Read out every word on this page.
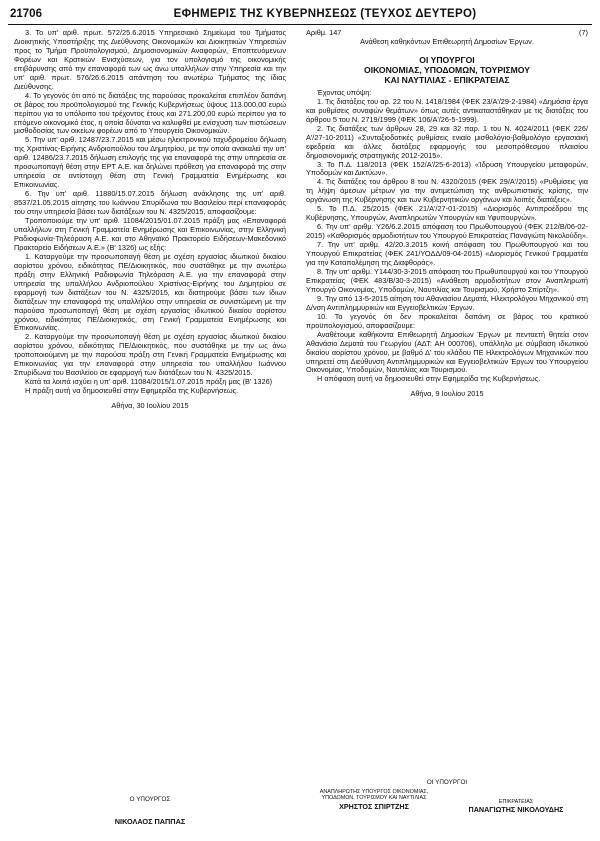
21706	ΕΦΗΜΕΡΙΣ ΤΗΣ ΚΥΒΕΡΝΗΣΕΩΣ (ΤΕΥΧΟΣ ΔΕΥΤΕΡΟ)

3. Το υπ' αριθ. πρωτ. 572/25.6.2015 Υπηρεσιακό Σημείωμα του Τμήματος Διοικητικής Υποστήριξης της Διεύθυνσης Οικονομικών και Διοικητικών Υπηρεσιών προς το Τμήμα Προϋπολογισμού, Δημοσιονομικών Αναφορών, Εποπτευόμενων Φορέων και Κρατικών Ενισχύσεων, για τον υπολογισμό της οικονομικής επιβάρυνσης από την επαναφορά των ως άνω υπαλλήλων στην Υπηρεσία και την υπ' αριθ. πρωτ. 576/26.6.2015 απάντηση του ανωτέρω Τμήματος της ίδιας Διεύθυνσης.

4. Το γεγονός ότι από τις διατάξεις της παρούσας προκαλείται επιπλέον δαπάνη σε βάρος του προϋπολογισμού της Γενικής Κυβερνήσεως ύψους 113.000,00 ευρώ περίπου για το υπόλοιπο του τρέχοντος έτους και 271.200,00 ευρώ περίπου για το επόμενο οικονομικό έτος, η οποία δύναται να καλυφθεί με ενίσχυση των πιστώσεων μισθοδοσίας των οικείων φορέων από το Υπουργείο Οικονομικών.

5. Την υπ' αριθ. 12487/23.7.2015 και μέσω ηλεκτρονικού ταχυδρομείου δήλωση της Χριστίνας-Ειρήνης Ανδριοπούλου του Δημητρίου, με την οποία ανακαλεί την υπ' αριθ. 12486/23.7.2015 δήλωση επιλογής της για επαναφορά της στην υπηρεσία σε προσωποπαγή θέση στην ΕΡΤ Α.Ε. και δηλώνει πρόθεση για επαναφορά της στην υπηρεσία σε αντίστοιχη θέση στη Γενική Γραμματεία Ενημέρωσης και Επικοινωνίας.

6. Την υπ' αριθ. 11880/15.07.2015 δήλωση ανάκλησης της υπ' αριθ. 8537/21.05.2015 αίτησης του Ιωάννου Σπυρίδωνα του Βασιλείου περί επαναφοράς του στην υπηρεσία βάσει των διατάξεων του Ν. 4325/2015, αποφασίζουμε:

Τροποποιούμε την υπ' αριθ. 11084/2015/01.07.2015 πράξη μας «Επαναφορά υπαλλήλων στη Γενική Γραμματεία Ενημέρωσης και Επικοινωνίας, στην Ελληνική Ραδιοφωνία-Τηλεόραση Α.Ε. και στο Αθηναϊκό Πρακτορείο Ειδήσεων-Μακεδονικό Πρακτορείο Ειδήσεων Α.Ε.» (Β' 1326) ως εξής:

1. Καταργούμε την προσωποπαγή θέση με σχέση εργασίας ιδιωτικού δικαίου αορίστου χρόνου, ειδικότητας ΠΕ/Διοικητικός, που συστάθηκε με την ανωτέρω πράξη στην Ελληνική Ραδιοφωνία Τηλεόραση Α.Ε. για την επαναφορά στην υπηρεσία της υπαλλήλου Ανδριοπούλου Χριστίνας-Ειρήνης του Δημητρίου σε εφαρμογή των διατάξεων του Ν. 4325/2015, και διατηρούμε βάσει των ίδιων διατάξεων την επαναφορά της υπαλλήλου στην υπηρεσία σε συνιστώμενη με την παρούσα προσωποπαγή θέση με σχέση εργασίας ιδιωτικού δικαίου αορίστου χρόνου, ειδικότητας ΠΕ/Διοικητικός, στη Γενική Γραμματεία Ενημέρωσης και Επικοινωνίας.

2. Καταργούμε την προσωποπαγή θέση με σχέση εργασίας ιδιωτικού δικαίου αορίστου χρόνου, ειδικότητας ΠΕ/Διοικητικός, που συστάθηκε με την ως άνω τροποποιούμενη με την παρούσα πράξη στη Γενική Γραμματεία Ενημέρωσης και Επικοινωνίας για την επαναφορά στην υπηρεσία του υπαλλήλου Ιωάννου Σπυρίδωνα του Βασιλείου σε εφαρμογή των διατάξεων του Ν. 4325/2015.

Κατά τα λοιπά ισχύει η υπ' αριθ. 11084/2015/1.07.2015 πράξη μας (Β' 1326)

Η πράξη αυτή να δημοσιευθεί στην Εφημερίδα της Κυβερνήσεως.

Αθήνα, 30 Ιουλίου 2015
Ο ΥΠΟΥΡΓΟΣ
ΝΙΚΟΛΑΟΣ ΠΑΠΠΑΣ
Αριθμ. 147	(7)

Ανάθεση καθηκόντων Επιθεωρητή Δημοσίων Έργων.

ΟΙ ΥΠΟΥΡΓΟΙ
ΟΙΚΟΝΟΜΙΑΣ, ΥΠΟΔΟΜΩΝ, ΤΟΥΡΙΣΜΟΥ
ΚΑΙ ΝΑΥΤΙΛΙΑΣ - ΕΠΙΚΡΑΤΕΙΑΣ

Έχοντας υπόψη:

1. Τις διατάξεις του αρ. 22 του Ν. 1418/1984 (ΦΕΚ 23/Α'/29-2-1984) «Δημόσια έργα και ρυθμίσεις συναφών θεμάτων» όπως αυτές αντικαταστάθηκαν με τις διατάξεις του άρθρου 5 του Ν. 2719/1999 (ΦΕΚ 106/Α'/26-5-1999).

2. Τις διατάξεις των άρθρων 28, 29 και 32 παρ. 1 του Ν. 4024/2011 (ΦΕΚ 226/Α'/27-10-2011) «Συνταξιοδοτικές ρυθμίσεις ενιαίο μισθολόγιο-βαθμολόγιο εργασιακή εφεδρεία και άλλες διατάξεις εφαρμογής του μεσοπρόθεσμου πλαισίου δημοσιονομικής στρατηγικής 2012-2015».

3. Το Π.Δ. 118/2013 (ΦΕΚ 152/Α'/25-6-2013) «Ίδρυση Υπουργείου μεταφορών, Υποδομών και Δικτύων».

4. Τις διατάξεις του άρθρου 8 του Ν. 4320/2015 (ΦΕΚ 29/Α'/2015) «Ρυθμίσεις για τη λήψη άμεσων μέτρων για την αντιμετώπιση της ανθρωπιστικής κρίσης, την οργάνωση της Κυβέρνησης και των Κυβερνητικών οργάνων και λοιπές διατάξεις».

5. Το Π.Δ. 25/2015 (ΦΕΚ 21/Α'/27-01-2015) «Διορισμός Αντιπροέδρου της Κυβέρνησης, Υπουργών, Αναπληρωτών Υπουργών και Υφυπουργών».

6. Την υπ' αριθμ. Υ26/6.2.2015 απόφαση του Πρωθυπουργού (ΦΕΚ 212/Β/06-02-2015) «Καθορισμός αρμοδιοτήτων του Υπουργού Επικρατείας Παναγιώτη Νικολούδη».

7. Την υπ' αριθμ. 42/20.3.2015 κοινή απόφαση του Πρωθυπουργού και του Υπουργού Επικρατείας (ΦΕΚ 241/ΥΟΔΔ/09-04-2015) «Διορισμός Γενικού Γραμματέα για την Καταπολέμηση της Διαφθοράς».

8. Την υπ' αριθμ. Υ144/30-3-2015 απόφαση του Πρωθυπουργού και του Υπουργού Επικρατείας (ΦΕΚ 483/Β/30-3-2015) «Ανάθεση αρμοδιοτήτων στον Αναπληρωτή Υπουργό Οικονομίας, Υποδομών, Ναυτιλίας και Τουρισμού, Χρήστο Σπίρτζη».

9. Την από 13-5-2015 αίτηση του Αθανασίου Δεματά, Ηλεκτρολόγου Μηχανικού στη Δ/νση Αντιπλημμυρικών και Εγγειοβελτικών Έργων.

10. Το γεγονός ότι δεν προκαλείται δαπάνη σε βάρος του κρατικού προϋπολογισμού, αποφασίζουμε:

Αναθέτουμε καθήκοντα Επιθεωρητή Δημοσίων Έργων με πενταετή θητεία στον Αθανάσιο Δεματά του Γεωργίου (ΑΔΤ: ΑΗ 000706), υπάλληλο με σύμβαση ιδιωτικού δικαίου αορίστου χρόνου, με βαθμό Δ' του κλάδου ΠΕ Ηλεκτρολόγων Μηχανικών που υπηρετεί στη Διεύθυνση Αντιπλημμυρικών και Εγγειοβελτικών Έργων του Υπουργείου Οικονομίας, Υποδομών, Ναυτιλίας και Τουρισμού.

Η απόφαση αυτή να δημοσιευθεί στην Εφημερίδα της Κυβερνήσεως.

Αθήνα, 9 Ιουλίου 2015
ΟΙ ΥΠΟΥΡΓΟΙ
ΑΝΑΠΛΗΡΩΤΗΣ ΥΠΟΥΡΓΟΣ ΟΙΚΟΝΟΜΙΑΣ, ΥΠΟΔΟΜΩΝ, ΤΟΥΡΙΣΜΟΥ ΚΑΙ ΝΑΥΤΙΛΙΑΣ
ΧΡΗΣΤΟΣ ΣΠΙΡΤΖΗΣ	ΕΠΙΚΡΑΤΕΙΑΣ
ΠΑΝΑΓΙΩΤΗΣ ΝΙΚΟΛΟΥΔΗΣ
